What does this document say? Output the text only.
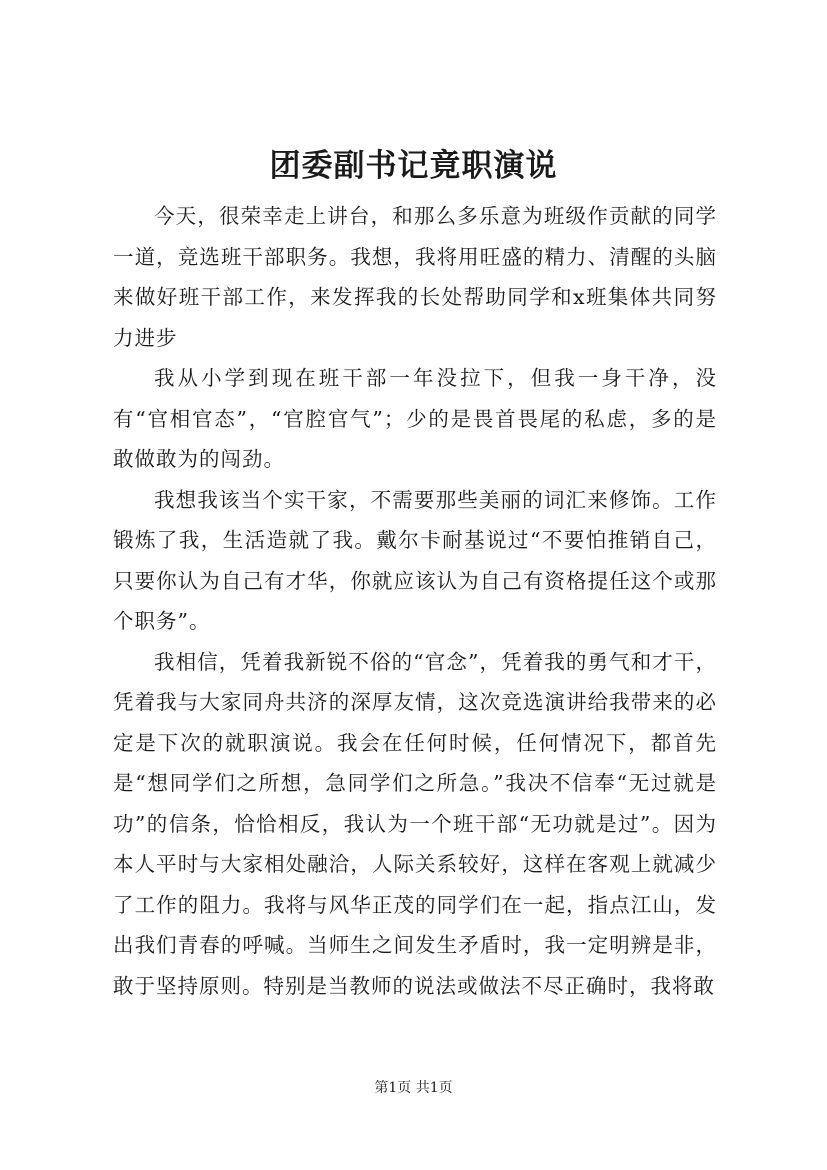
团委副书记竟职演说

今天，很荣幸走上讲台，和那么多乐意为班级作贡献的同学一道，竞选班干部职务。我想，我将用旺盛的精力、清醒的头脑来做好班干部工作，来发挥我的长处帮助同学和x班集体共同努力进步

我从小学到现在班干部一年没拉下，但我一身干净，没有“官相官态”，“官腔官气”；少的是畏首畏尾的私虑，多的是敢做敢为的闯劲。

我想我该当个实干家，不需要那些美丽的词汇来修饰。工作锻炼了我，生活造就了我。戴尔卡耐基说过“不要怕推销自己，只要你认为自己有才华，你就应该认为自己有资格提任这个或那个职务”。

我相信，凭着我新锐不俗的“官念”，凭着我的勇气和才干，凭着我与大家同舟共济的深厚友情，这次竞选演讲给我带来的必定是下次的就职演说。我会在任何时候，任何情况下，都首先是“想同学们之所想，急同学们之所急。”我决不信奉“无过就是功”的信条，恰恰相反，我认为一个班干部“无功就是过”。因为本人平时与大家相处融洽，人际关系较好，这样在客观上就减少了工作的阻力。我将与风华正茂的同学们在一起，指点江山，发出我们青春的呼喊。当师生之间发生矛盾时，我一定明辨是非，敢于坚持原则。特别是当教师的说法或做法不尽正确时，我将敢

第1页 共1页
